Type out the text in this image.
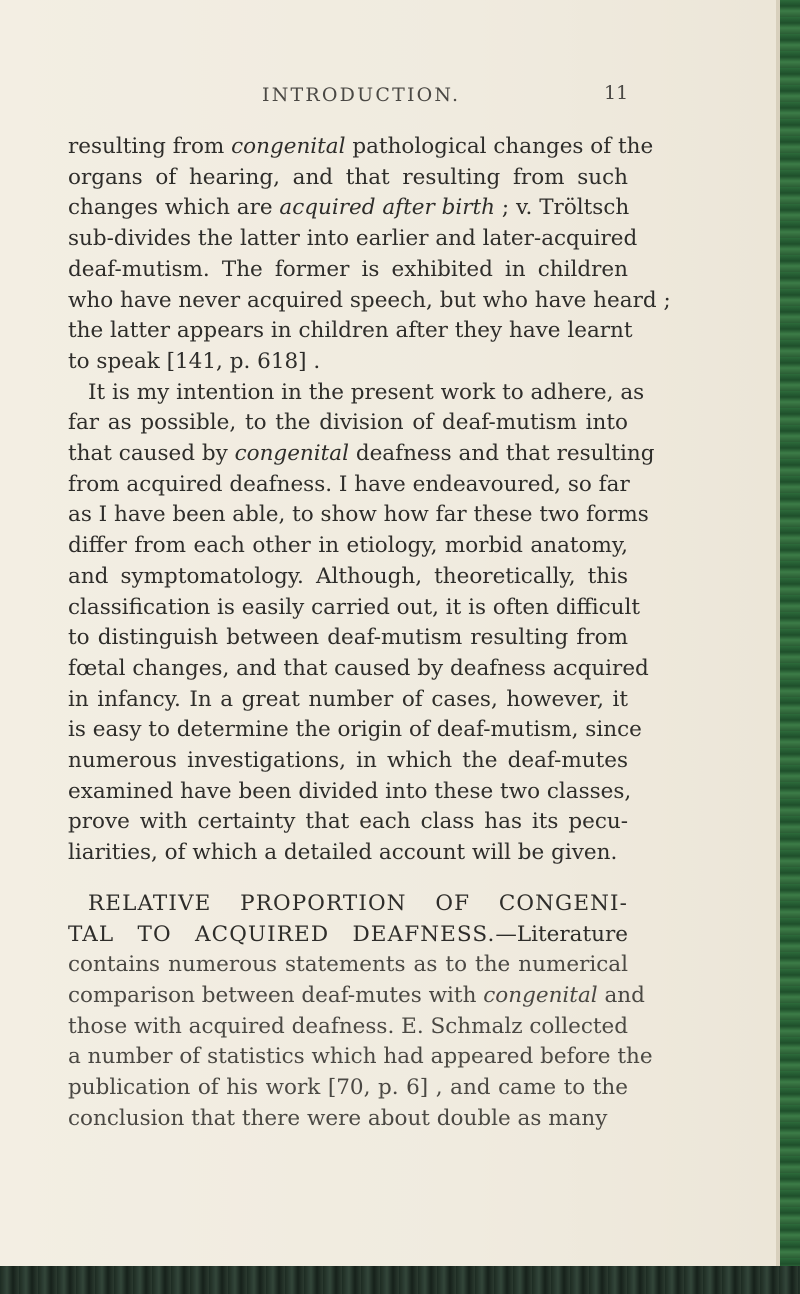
INTRODUCTION.	11

resulting from congenital pathological changes of the
organs of hearing, and that resulting from such
changes which are acquired after birth ; v. Tröltsch
sub-divides the latter into earlier and later-acquired
deaf-mutism. The former is exhibited in children
who have never acquired speech, but who have heard ;
the latter appears in children after they have learnt
to speak [141, p. 618] .

It is my intention in the present work to adhere, as
far as possible, to the division of deaf-mutism into
that caused by congenital deafness and that resulting
from acquired deafness. I have endeavoured, so far
as I have been able, to show how far these two forms
differ from each other in etiology, morbid anatomy,
and symptomatology. Although, theoretically, this
classification is easily carried out, it is often difficult
to distinguish between deaf-mutism resulting from
fœtal changes, and that caused by deafness acquired
in infancy. In a great number of cases, however, it
is easy to determine the origin of deaf-mutism, since
numerous investigations, in which the deaf-mutes
examined have been divided into these two classes,
prove with certainty that each class has its pecu-
liarities, of which a detailed account will be given.

RELATIVE PROPORTION OF CONGENI-
TAL TO ACQUIRED DEAFNESS.—Literature
contains numerous statements as to the numerical
comparison between deaf-mutes with congenital and
those with acquired deafness. E. Schmalz collected
a number of statistics which had appeared before the
publication of his work [70, p. 6] , and came to the
conclusion that there were about double as many
